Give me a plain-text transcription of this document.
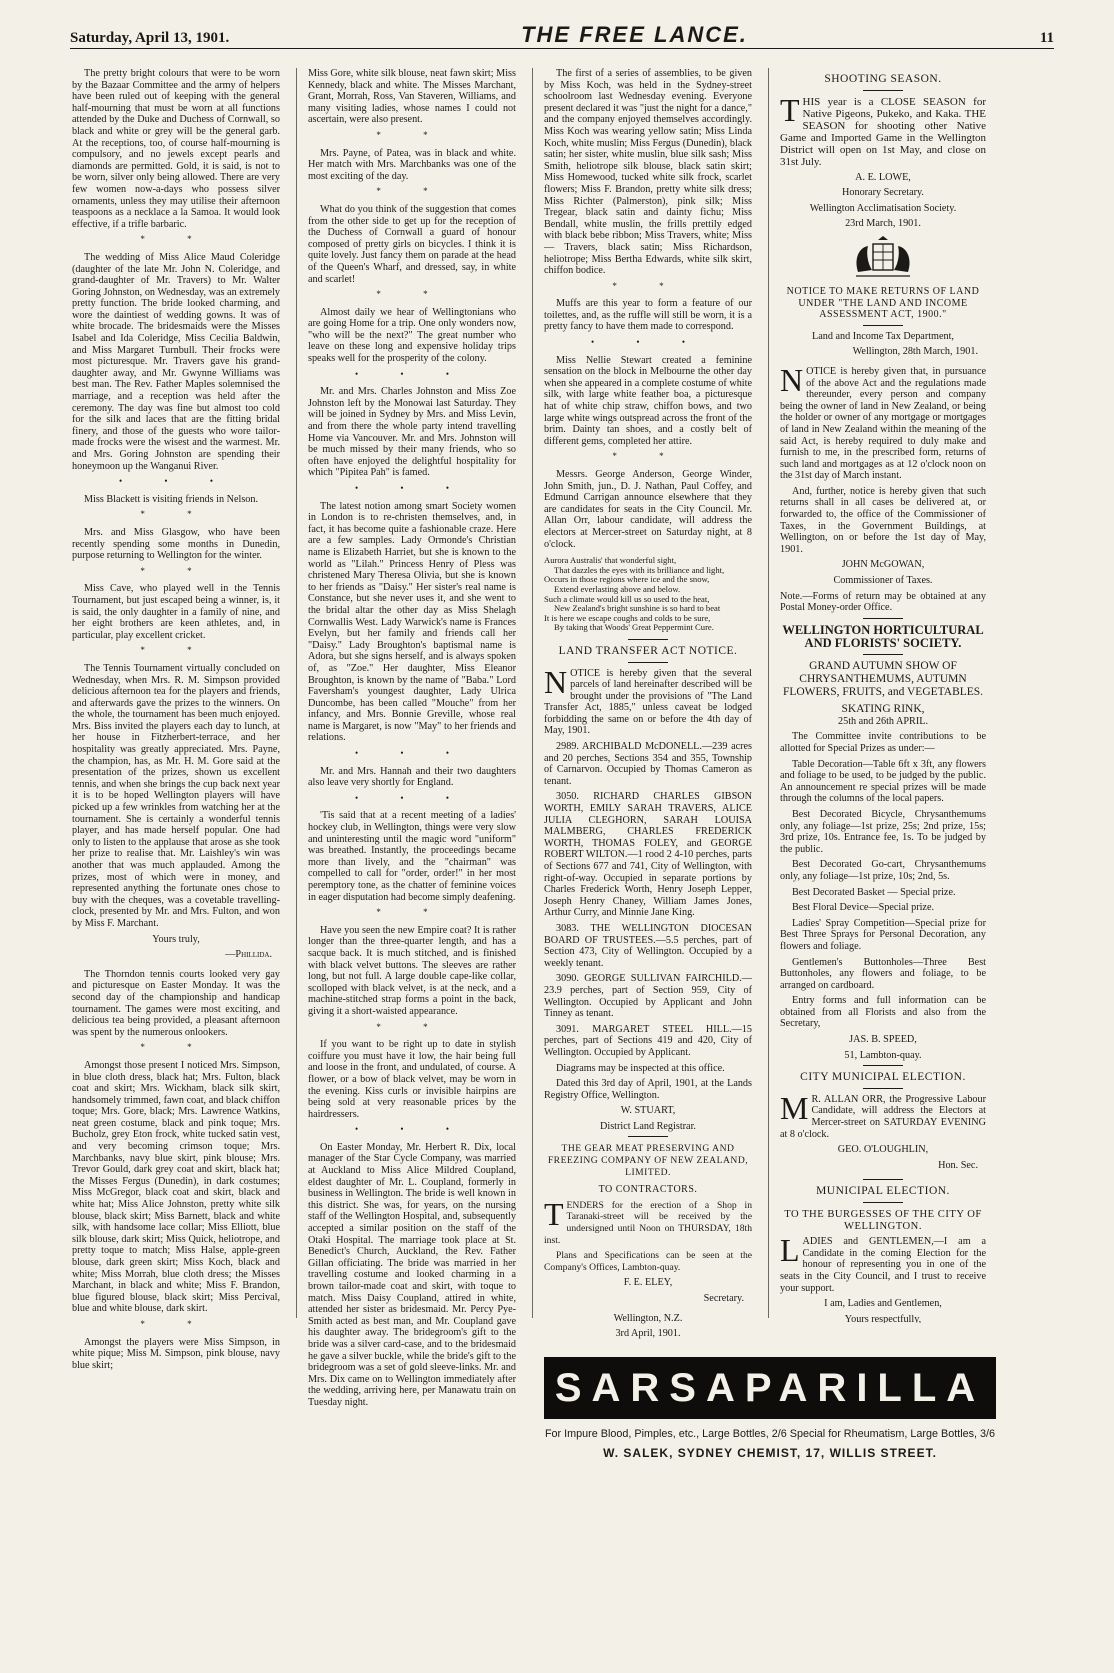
Saturday, April 13, 1901.	THE FREE LANCE.	11

The pretty bright colours that were to be worn by the Bazaar Committee and the army of helpers have been ruled out of keeping with the general half-mourning that must be worn at all functions attended by the Duke and Duchess of Cornwall, so black and white or grey will be the general garb. At the receptions, too, of course half-mourning is compulsory, and no jewels except pearls and diamonds are permitted. Gold, it is said, is not to be worn, silver only being allowed. There are very few women now-a-days who possess silver ornaments, unless they may utilise their afternoon teaspoons as a necklace a la Samoa. It would look effective, if a trifle barbaric.

* *

The wedding of Miss Alice Maud Coleridge (daughter of the late Mr. John N. Coleridge, and grand-daughter of Mr. Travers) to Mr. Walter Goring Johnston, on Wednesday, was an extremely pretty function. The bride looked charming, and wore the daintiest of wedding gowns. It was of white brocade. The bridesmaids were the Misses Isabel and Ida Coleridge, Miss Cecilia Baldwin, and Miss Margaret Turnbull. Their frocks were most picturesque. Mr. Travers gave his grand-daughter away, and Mr. Gwynne Williams was best man. The Rev. Father Maples solemnised the marriage, and a reception was held after the ceremony. The day was fine but almost too cold for the silk and laces that are the fitting bridal finery, and those of the guests who wore tailor-made frocks were the wisest and the warmest. Mr. and Mrs. Goring Johnston are spending their honeymoon up the Wanganui River.

• • •

Miss Blackett is visiting friends in Nelson.

* *

Mrs. and Miss Glasgow, who have been recently spending some months in Dunedin, purpose returning to Wellington for the winter.

* *

Miss Cave, who played well in the Tennis Tournament, but just escaped being a winner, is, it is said, the only daughter in a family of nine, and her eight brothers are keen athletes, and, in particular, play excellent cricket.

* *

The Tennis Tournament virtually concluded on Wednesday, when Mrs. R. M. Simpson provided delicious afternoon tea for the players and friends, and afterwards gave the prizes to the winners. On the whole, the tournament has been much enjoyed. Mrs. Biss invited the players each day to lunch, at her house in Fitzherbert-terrace, and her hospitality was greatly appreciated. Mrs. Payne, the champion, has, as Mr. H. M. Gore said at the presentation of the prizes, shown us excellent tennis, and when she brings the cup back next year it is to be hoped Wellington players will have picked up a few wrinkles from watching her at the tournament. She is certainly a wonderful tennis player, and has made herself popular. One had only to listen to the applause that arose as she took her prize to realise that. Mr. Laishley's win was another that was much applauded. Among the prizes, most of which were in money, and represented anything the fortunate ones chose to buy with the cheques, was a covetable travelling-clock, presented by Mr. and Mrs. Fulton, and won by Miss F. Marchant.

Yours truly,
—Phillida.

The Thorndon tennis courts looked very gay and picturesque on Easter Monday. It was the second day of the championship and handicap tournament. The games were most exciting, and delicious tea being provided, a pleasant afternoon was spent by the numerous onlookers.

* *

Amongst those present I noticed Mrs. Simpson, in blue cloth dress, black hat; Mrs. Fulton, black coat and skirt; Mrs. Wickham, black silk skirt, handsomely trimmed, fawn coat, and black chiffon toque; Mrs. Gore, black; Mrs. Lawrence Watkins, neat green costume, black and pink toque; Mrs. Bucholz, grey Eton frock, white tucked satin vest, and very becoming crimson toque; Mrs. Marchbanks, navy blue skirt, pink blouse; Mrs. Trevor Gould, dark grey coat and skirt, black hat; the Misses Fergus (Dunedin), in dark costumes; Miss McGregor, black coat and skirt, black and white hat; Miss Alice Johnston, pretty white silk blouse, black skirt; Miss Barnett, black and white silk, with handsome lace collar; Miss Elliott, blue silk blouse, dark skirt; Miss Quick, heliotrope, and pretty toque to match; Miss Halse, apple-green blouse, dark green skirt; Miss Koch, black and white; Miss Morrah, blue cloth dress; the Misses Marchant, in black and white; Miss F. Brandon, blue figured blouse, black skirt; Miss Percival, blue and white blouse, dark skirt.

* *

Amongst the players were Miss Simpson, in white pique; Miss M. Simpson, pink blouse, navy blue skirt;

Miss Gore, white silk blouse, neat fawn skirt; Miss Kennedy, black and white. The Misses Marchant, Grant, Morrah, Ross, Van Staveren, Williams, and many visiting ladies, whose names I could not ascertain, were also present.

* *

Mrs. Payne, of Patea, was in black and white. Her match with Mrs. Marchbanks was one of the most exciting of the day.

* *

What do you think of the suggestion that comes from the other side to get up for the reception of the Duchess of Cornwall a guard of honour composed of pretty girls on bicycles. I think it is quite lovely. Just fancy them on parade at the head of the Queen's Wharf, and dressed, say, in white and scarlet!

* *

Almost daily we hear of Wellingtonians who are going Home for a trip. One only wonders now, "who will be the next?" The great number who leave on these long and expensive holiday trips speaks well for the prosperity of the colony.

• • •

Mr. and Mrs. Charles Johnston and Miss Zoe Johnston left by the Monowai last Saturday. They will be joined in Sydney by Mrs. and Miss Levin, and from there the whole party intend travelling Home via Vancouver. Mr. and Mrs. Johnston will be much missed by their many friends, who so often have enjoyed the delightful hospitality for which "Pipitea Pah" is famed.

• • •

The latest notion among smart Society women in London is to re-christen themselves, and, in fact, it has become quite a fashionable craze. Here are a few samples. Lady Ormonde's Christian name is Elizabeth Harriet, but she is known to the world as "Lilah." Princess Henry of Pless was christened Mary Theresa Olivia, but she is known to her friends as "Daisy." Her sister's real name is Constance, but she never uses it, and she went to the bridal altar the other day as Miss Shelagh Cornwallis West. Lady Warwick's name is Frances Evelyn, but her family and friends call her "Daisy." Lady Broughton's baptismal name is Adora, but she signs herself, and is always spoken of, as "Zoe." Her daughter, Miss Eleanor Broughton, is known by the name of "Baba." Lord Faversham's youngest daughter, Lady Ulrica Duncombe, has been called "Mouche" from her infancy, and Mrs. Bonnie Greville, whose real name is Margaret, is now "May" to her friends and relations.

• • •

Mr. and Mrs. Hannah and their two daughters also leave very shortly for England.

• • •

'Tis said that at a recent meeting of a ladies' hockey club, in Wellington, things were very slow and uninteresting until the magic word "uniform" was breathed. Instantly, the proceedings became more than lively, and the "chairman" was compelled to call for "order, order!" in her most peremptory tone, as the chatter of feminine voices in eager disputation had become simply deafening.

* *

Have you seen the new Empire coat? It is rather longer than the three-quarter length, and has a sacque back. It is much stitched, and is finished with black velvet buttons. The sleeves are rather long, but not full. A large double cape-like collar, scolloped with black velvet, is at the neck, and a machine-stitched strap forms a point in the back, giving it a short-waisted appearance.

* *

If you want to be right up to date in stylish coiffure you must have it low, the hair being full and loose in the front, and undulated, of course. A flower, or a bow of black velvet, may be worn in the evening. Kiss curls or invisible hairpins are being sold at very reasonable prices by the hairdressers.

• • •

On Easter Monday, Mr. Herbert R. Dix, local manager of the Star Cycle Company, was married at Auckland to Miss Alice Mildred Coupland, eldest daughter of Mr. L. Coupland, formerly in business in Wellington. The bride is well known in this district. She was, for years, on the nursing staff of the Wellington Hospital, and, subsequently accepted a similar position on the staff of the Otaki Hospital. The marriage took place at St. Benedict's Church, Auckland, the Rev. Father Gillan officiating. The bride was married in her travelling costume and looked charming in a brown tailor-made coat and skirt, with toque to match. Miss Daisy Coupland, attired in white, attended her sister as bridesmaid. Mr. Percy Pye-Smith acted as best man, and Mr. Coupland gave his daughter away. The bridegroom's gift to the bride was a silver card-case, and to the bridesmaid he gave a silver buckle, while the bride's gift to the bridegroom was a set of gold sleeve-links. Mr. and Mrs. Dix came on to Wellington immediately after the wedding, arriving here, per Manawatu train on Tuesday night.

The first of a series of assemblies, to be given by Miss Koch, was held in the Sydney-street schoolroom last Wednesday evening. Everyone present declared it was "just the night for a dance," and the company enjoyed themselves accordingly. Miss Koch was wearing yellow satin; Miss Linda Koch, white muslin; Miss Fergus (Dunedin), black satin; her sister, white muslin, blue silk sash; Miss Smith, heliotrope silk blouse, black satin skirt; Miss Homewood, tucked white silk frock, scarlet flowers; Miss F. Brandon, pretty white silk dress; Miss Richter (Palmerston), pink silk; Miss Tregear, black satin and dainty fichu; Miss Bendall, white muslin, the frills prettily edged with black bebe ribbon; Miss Travers, white; Miss — Travers, black satin; Miss Richardson, heliotrope; Miss Bertha Edwards, white silk skirt, chiffon bodice.

* *

Muffs are this year to form a feature of our toilettes, and, as the ruffle will still be worn, it is a pretty fancy to have them made to correspond.

• • •

Miss Nellie Stewart created a feminine sensation on the block in Melbourne the other day when she appeared in a complete costume of white silk, with large white feather boa, a picturesque hat of white chip straw, chiffon bows, and two large white wings outspread across the front of the brim. Dainty tan shoes, and a costly belt of different gems, completed her attire.

* *

Messrs. George Anderson, George Winder, John Smith, jun., D. J. Nathan, Paul Coffey, and Edmund Carrigan announce elsewhere that they are candidates for seats in the City Council. Mr. Allan Orr, labour candidate, will address the electors at Mercer-street on Saturday night, at 8 o'clock.

Aurora Australis' that wonderful sight,
That dazzles the eyes with its brilliance and light,
Occurs in those regions where ice and the snow,
Extend everlasting above and below.
Such a climate would kill us so used to the heat,
New Zealand's bright sunshine is so hard to beat
It is here we escape coughs and colds to be sure,
By taking that Woods' Great Peppermint Cure.
LAND TRANSFER ACT NOTICE.

NOTICE is hereby given that the several parcels of land hereinafter described will be brought under the provisions of "The Land Transfer Act, 1885," unless caveat be lodged forbidding the same on or before the 4th day of May, 1901.

2989. ARCHIBALD McDONELL.—239 acres and 20 perches, Sections 354 and 355, Township of Carnarvon. Occupied by Thomas Cameron as tenant.

3050. RICHARD CHARLES GIBSON WORTH, EMILY SARAH TRAVERS, ALICE JULIA CLEGHORN, SARAH LOUISA MALMBERG, CHARLES FREDERICK WORTH, THOMAS FOLEY, and GEORGE ROBERT WILTON.—1 rood 2 4-10 perches, parts of Sections 677 and 741, City of Wellington, with right-of-way. Occupied in separate portions by Charles Frederick Worth, Henry Joseph Lepper, Joseph Henry Chaney, William James Jones, Arthur Curry, and Minnie Jane King.

3083. THE WELLINGTON DIOCESAN BOARD OF TRUSTEES.—5.5 perches, part of Section 473, City of Wellington. Occupied by a weekly tenant.

3090. GEORGE SULLIVAN FAIRCHILD.—23.9 perches, part of Section 959, City of Wellington. Occupied by Applicant and John Tinney as tenant.

3091. MARGARET STEEL HILL.—15 perches, part of Sections 419 and 420, City of Wellington. Occupied by Applicant.

Diagrams may be inspected at this office.

Dated this 3rd day of April, 1901, at the Lands Registry Office, Wellington.

W. STUART,
District Land Registrar.
THE GEAR MEAT PRESERVING AND FREEZING COMPANY OF NEW ZEALAND, LIMITED.
TO CONTRACTORS.

TENDERS for the erection of a Shop in Taranaki-street will be received by the undersigned until Noon on THURSDAY, 18th inst.

Plans and Specifications can be seen at the Company's Offices, Lambton-quay.

F. E. ELEY,
Secretary.
Wellington, N.Z.
3rd April, 1901.
SHOOTING SEASON.

THIS year is a CLOSE SEASON for Native Pigeons, Pukeko, and Kaka. THE SEASON for shooting other Native Game and Imported Game in the Wellington District will open on 1st May, and close on 31st July.

A. E. LOWE,
Honorary Secretary.
Wellington Acclimatisation Society.
23rd March, 1901.
NOTICE TO MAKE RETURNS OF LAND UNDER "THE LAND AND INCOME ASSESSMENT ACT, 1900."
Land and Income Tax Department,
Wellington, 28th March, 1901.

NOTICE is hereby given that, in pursuance of the above Act and the regulations made thereunder, every person and company being the owner of land in New Zealand, or being the holder or owner of any mortgage or mortgages of land in New Zealand within the meaning of the said Act, is hereby required to duly make and furnish to me, in the prescribed form, returns of such land and mortgages as at 12 o'clock noon on the 31st day of March instant.

And, further, notice is hereby given that such returns shall in all cases be delivered at, or forwarded to, the office of the Commissioner of Taxes, in the Government Buildings, at Wellington, on or before the 1st day of May, 1901.

JOHN McGOWAN,
Commissioner of Taxes.

Note.—Forms of return may be obtained at any Postal Money-order Office.

WELLINGTON HORTICULTURAL AND FLORISTS' SOCIETY.
GRAND AUTUMN SHOW OF CHRYSANTHEMUMS, AUTUMN FLOWERS, FRUITS, and VEGETABLES.
SKATING RINK,
25th and 26th APRIL.

The Committee invite contributions to be allotted for Special Prizes as under:—

Table Decoration—Table 6ft x 3ft, any flowers and foliage to be used, to be judged by the public. An announcement re special prizes will be made through the columns of the local papers.

Best Decorated Bicycle, Chrysanthemums only, any foliage—1st prize, 25s; 2nd prize, 15s; 3rd prize, 10s. Entrance fee, 1s. To be judged by the public.

Best Decorated Go-cart, Chrysanthemums only, any foliage—1st prize, 10s; 2nd, 5s.

Best Decorated Basket — Special prize.

Best Floral Device—Special prize.

Ladies' Spray Competition—Special prize for Best Three Sprays for Personal Decoration, any flowers and foliage.

Gentlemen's Buttonholes—Three Best Buttonholes, any flowers and foliage, to be arranged on cardboard.

Entry forms and full information can be obtained from all Florists and also from the Secretary,

JAS. B. SPEED,
51, Lambton-quay.
CITY MUNICIPAL ELECTION.

MR. ALLAN ORR, the Progressive Labour Candidate, will address the Electors at Mercer-street on SATURDAY EVENING at 8 o'clock.

GEO. O'LOUGHLIN,
Hon. Sec.
MUNICIPAL ELECTION.
TO THE BURGESSES OF THE CITY OF WELLINGTON.

LADIES and GENTLEMEN,—I am a Candidate in the coming Election for the honour of representing you in one of the seats in the City Council, and I trust to receive your support.

I am, Ladies and Gentlemen,
Yours respectfully,

SARSAPARILLA
For Impure Blood, Pimples, etc., Large Bottles, 2/6 Special for Rheumatism, Large Bottles, 3/6
W. SALEK, SYDNEY CHEMIST, 17, WILLIS STREET.
